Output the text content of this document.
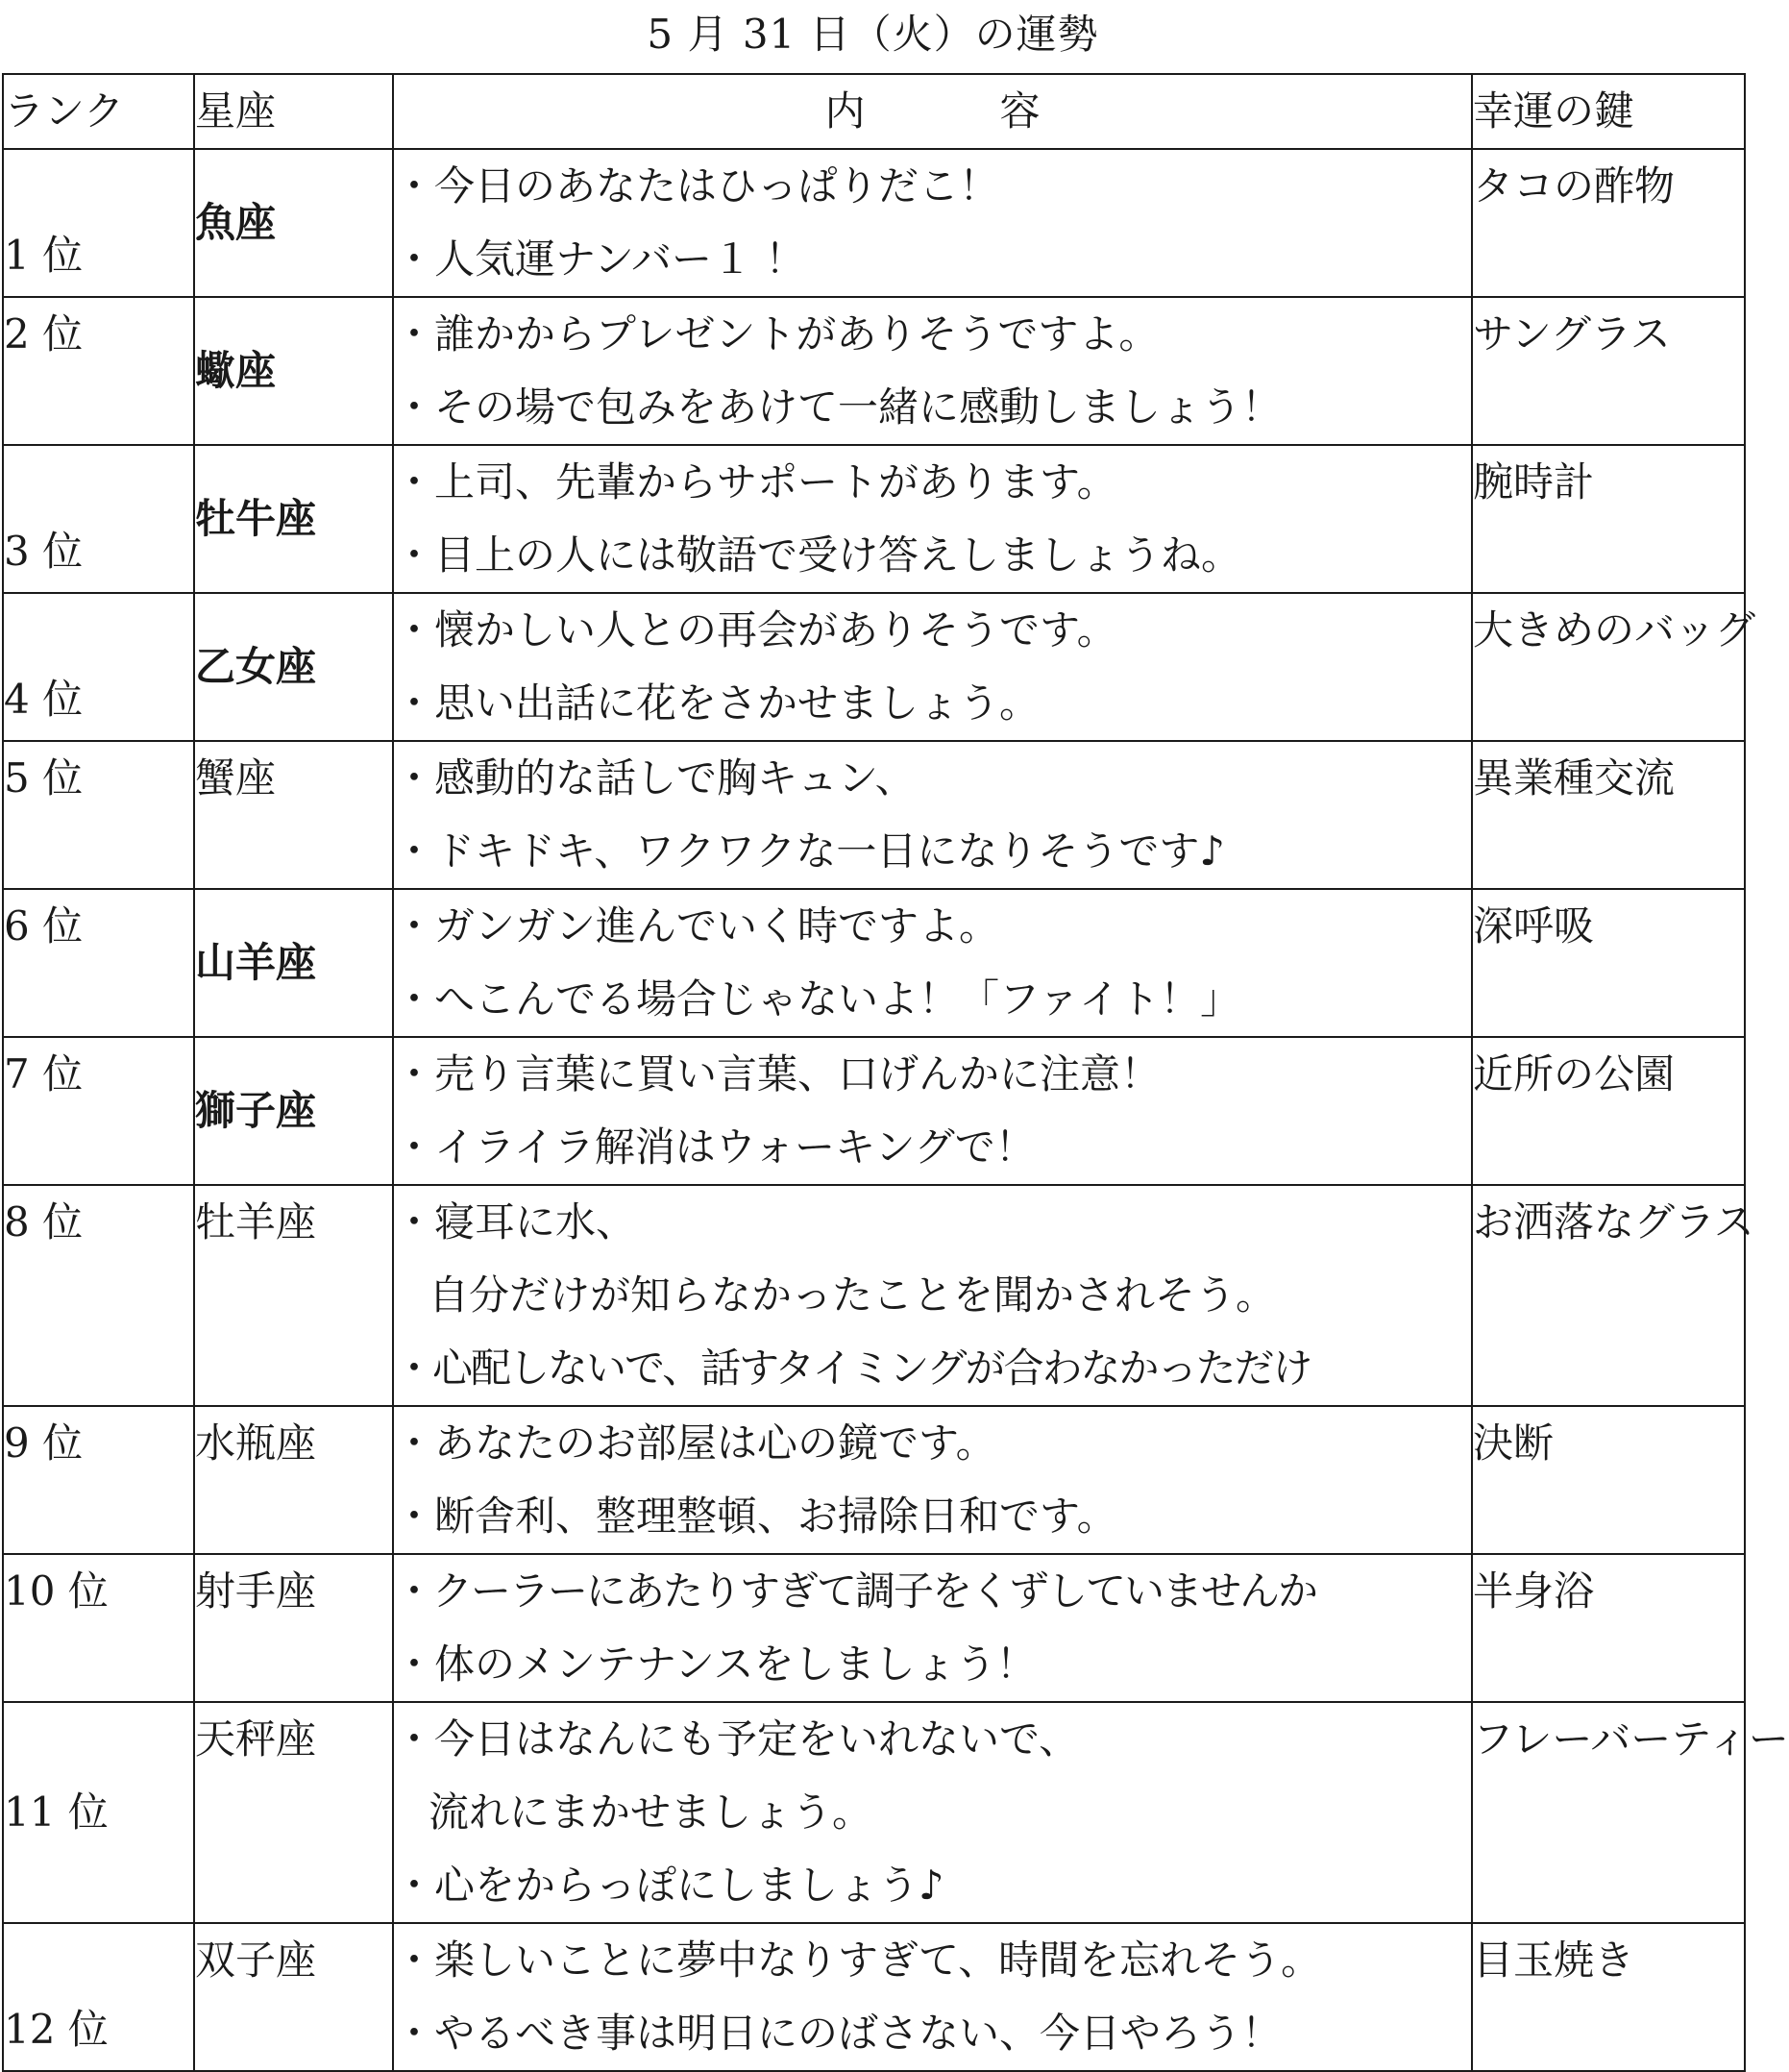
5 月 31 日（火）の運勢
ランク	星座	内 容	幸運の鍵
1 位	魚座	・今日のあなたはひっぱりだこ！
・人気運ナンバー１ ！	タコの酢物

2 位	蠍座	・誰かからプレゼントがありそうですよ。
・その場で包みをあけて一緒に感動しましょう！	サングラス

3 位	牡牛座	・上司、先輩からサポートがあります。
・目上の人には敬語で受け答えしましょうね。	腕時計

4 位	乙女座	・懐かしい人との再会がありそうです。
・思い出話に花をさかせましょう。	大きめのバッグ

5 位	蟹座	・感動的な話しで胸キュン、
・ドキドキ、ワクワクな一日になりそうです♪	異業種交流

6 位	山羊座	・ガンガン進んでいく時ですよ。
・へこんでる場合じゃないよ！「ファイト！」	深呼吸

7 位	獅子座	・売り言葉に買い言葉、口げんかに注意！
・イライラ解消はウォーキングで！	近所の公園

8 位	牡羊座	・寝耳に水、
自分だけが知らなかったことを聞かされそう。
・心配しないで、話すタイミングが合わなかっただけ	お洒落なグラス

9 位	水瓶座	・あなたのお部屋は心の鏡です。
・断舎利、整理整頓、お掃除日和です。	決断

10 位	射手座	・クーラーにあたりすぎて調子をくずしていませんか
・体のメンテナンスをしましょう！	半身浴

11 位	天秤座	・今日はなんにも予定をいれないで、
流れにまかせましょう。
・心をからっぽにしましょう♪	フレーバーティー

12 位	双子座	・楽しいことに夢中なりすぎて、時間を忘れそう。
・やるべき事は明日にのばさない、今日やろう！	目玉焼き
